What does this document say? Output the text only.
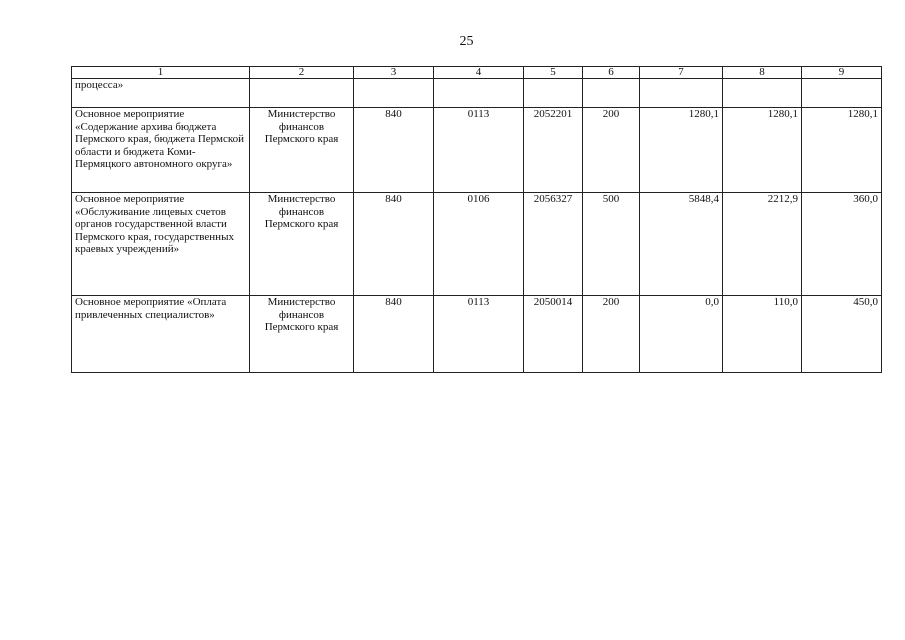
25
1	2	3	4	5	6	7	8	9
процесса»								
Основное мероприятие «Содержание архива бюджета Пермского края, бюджета Пермской области и бюджета Коми-Пермяцкого автономного округа»	Министерство финансов Пермского края	840	0113	2052201	200	1280,1	1280,1	1280,1
Основное мероприятие «Обслуживание лицевых счетов органов государственной власти Пермского края, государственных краевых учреждений»	Министерство финансов Пермского края	840	0106	2056327	500	5848,4	2212,9	360,0
Основное мероприятие «Оплата привлеченных специалистов»	Министерство финансов Пермского края	840	0113	2050014	200	0,0	110,0	450,0
